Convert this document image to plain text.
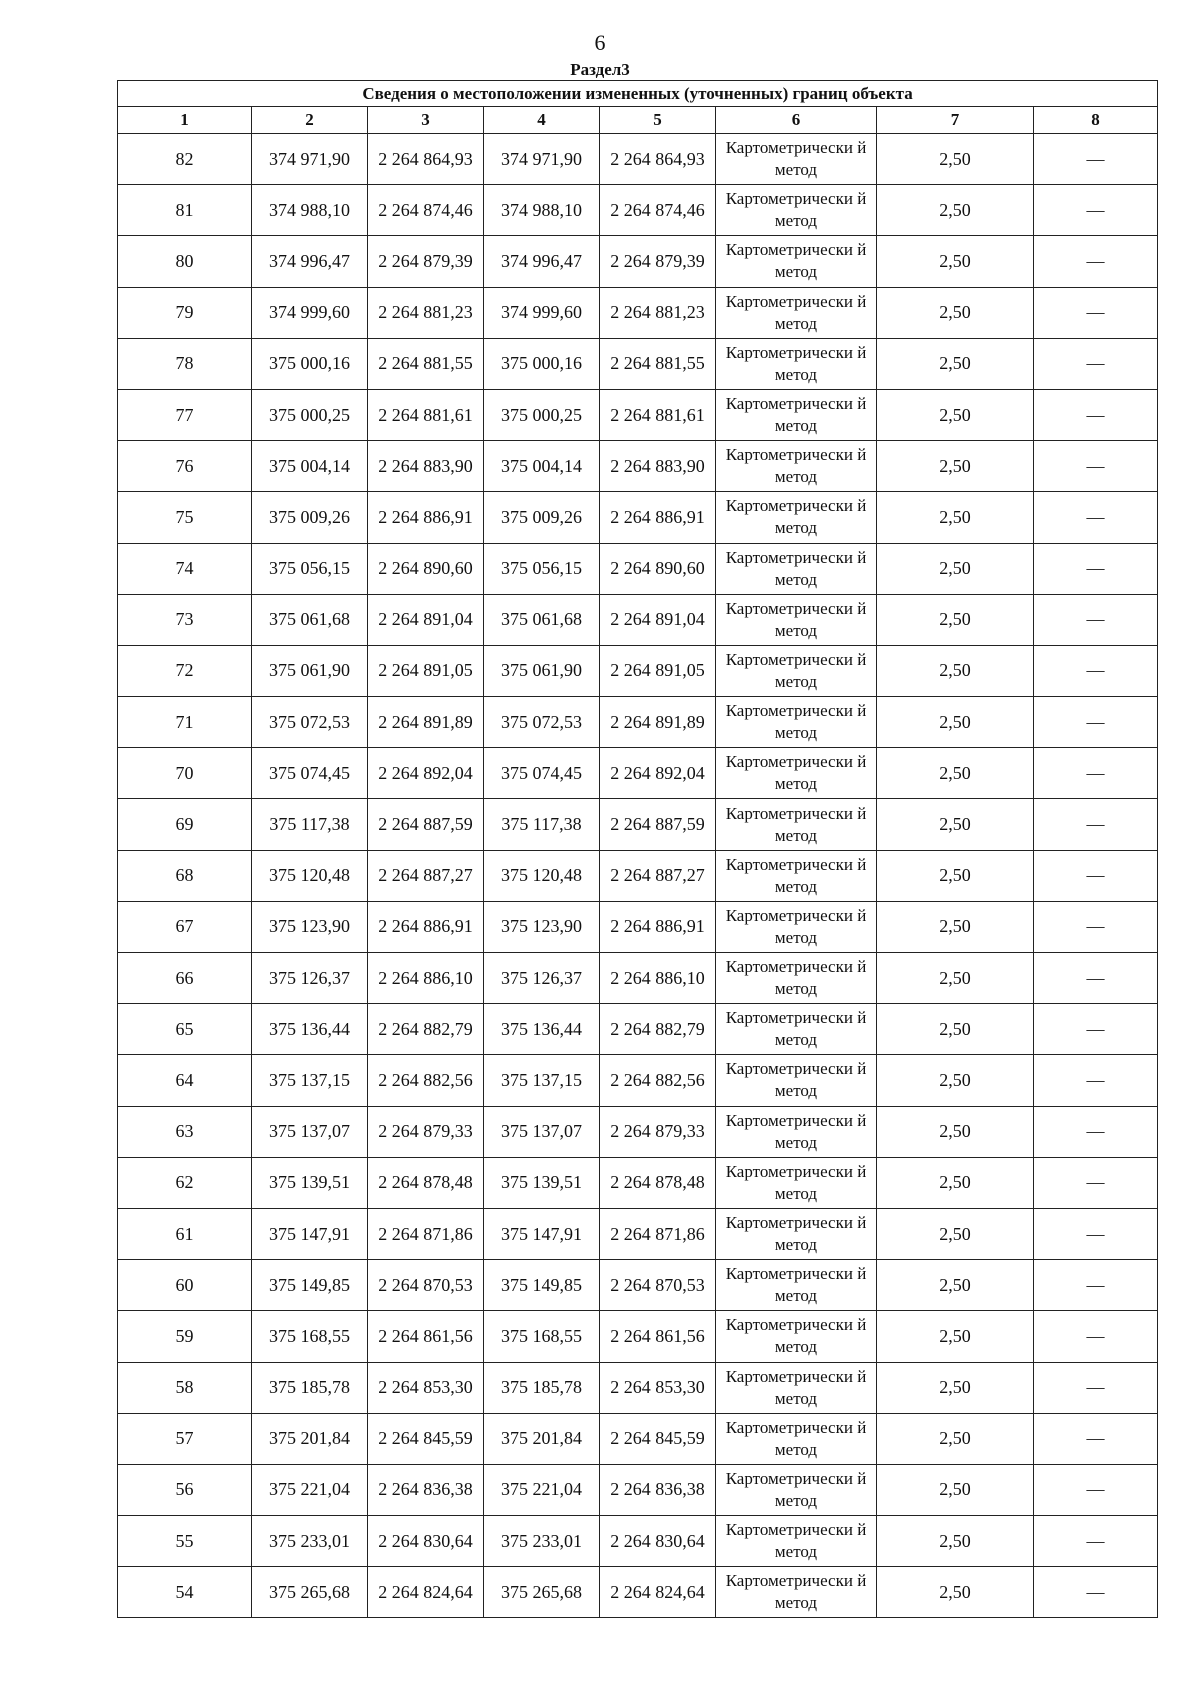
6
Раздел3
Сведения о местоположении измененных (уточненных) границ объекта							
1	2	3	4	5	6	7	8
82	374 971,90	2 264 864,93	374 971,90	2 264 864,93	Картометрически й метод	2,50	—
81	374 988,10	2 264 874,46	374 988,10	2 264 874,46	Картометрически й метод	2,50	—
80	374 996,47	2 264 879,39	374 996,47	2 264 879,39	Картометрически й метод	2,50	—
79	374 999,60	2 264 881,23	374 999,60	2 264 881,23	Картометрически й метод	2,50	—
78	375 000,16	2 264 881,55	375 000,16	2 264 881,55	Картометрически й метод	2,50	—
77	375 000,25	2 264 881,61	375 000,25	2 264 881,61	Картометрически й метод	2,50	—
76	375 004,14	2 264 883,90	375 004,14	2 264 883,90	Картометрически й метод	2,50	—
75	375 009,26	2 264 886,91	375 009,26	2 264 886,91	Картометрически й метод	2,50	—
74	375 056,15	2 264 890,60	375 056,15	2 264 890,60	Картометрически й метод	2,50	—
73	375 061,68	2 264 891,04	375 061,68	2 264 891,04	Картометрически й метод	2,50	—
72	375 061,90	2 264 891,05	375 061,90	2 264 891,05	Картометрически й метод	2,50	—
71	375 072,53	2 264 891,89	375 072,53	2 264 891,89	Картометрически й метод	2,50	—
70	375 074,45	2 264 892,04	375 074,45	2 264 892,04	Картометрически й метод	2,50	—
69	375 117,38	2 264 887,59	375 117,38	2 264 887,59	Картометрически й метод	2,50	—
68	375 120,48	2 264 887,27	375 120,48	2 264 887,27	Картометрически й метод	2,50	—
67	375 123,90	2 264 886,91	375 123,90	2 264 886,91	Картометрически й метод	2,50	—
66	375 126,37	2 264 886,10	375 126,37	2 264 886,10	Картометрически й метод	2,50	—
65	375 136,44	2 264 882,79	375 136,44	2 264 882,79	Картометрически й метод	2,50	—
64	375 137,15	2 264 882,56	375 137,15	2 264 882,56	Картометрически й метод	2,50	—
63	375 137,07	2 264 879,33	375 137,07	2 264 879,33	Картометрически й метод	2,50	—
62	375 139,51	2 264 878,48	375 139,51	2 264 878,48	Картометрически й метод	2,50	—
61	375 147,91	2 264 871,86	375 147,91	2 264 871,86	Картометрически й метод	2,50	—
60	375 149,85	2 264 870,53	375 149,85	2 264 870,53	Картометрически й метод	2,50	—
59	375 168,55	2 264 861,56	375 168,55	2 264 861,56	Картометрически й метод	2,50	—
58	375 185,78	2 264 853,30	375 185,78	2 264 853,30	Картометрически й метод	2,50	—
57	375 201,84	2 264 845,59	375 201,84	2 264 845,59	Картометрически й метод	2,50	—
56	375 221,04	2 264 836,38	375 221,04	2 264 836,38	Картометрически й метод	2,50	—
55	375 233,01	2 264 830,64	375 233,01	2 264 830,64	Картометрически й метод	2,50	—
54	375 265,68	2 264 824,64	375 265,68	2 264 824,64	Картометрически й метод	2,50	—
